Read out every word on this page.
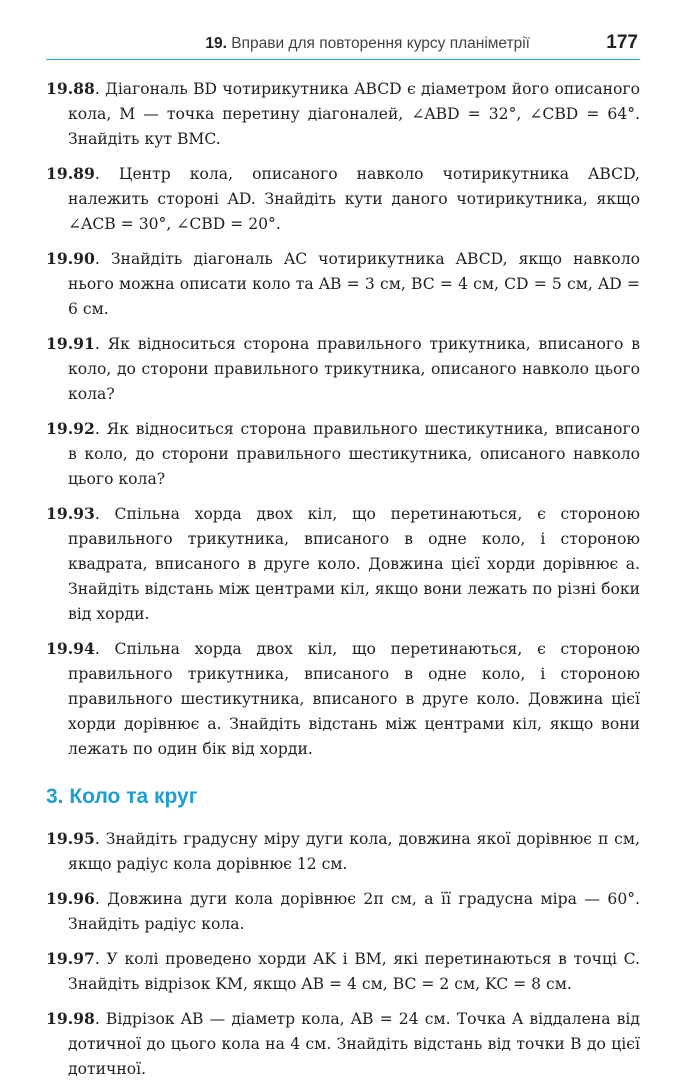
19. Вправи для повторення курсу планіметрії	177
19.88. Діагональ BD чотирикутника ABCD є діаметром його описаного кола, M — точка перетину діагоналей, ∠ABD = 32°, ∠CBD = 64°. Знайдіть кут BMC.
19.89. Центр кола, описаного навколо чотирикутника ABCD, належить стороні AD. Знайдіть кути даного чотирикутника, якщо ∠ACB = 30°, ∠CBD = 20°.
19.90. Знайдіть діагональ AC чотирикутника ABCD, якщо навколо нього можна описати коло та AB = 3 см, BC = 4 см, CD = 5 см, AD = 6 см.
19.91. Як відноситься сторона правильного трикутника, вписаного в коло, до сторони правильного трикутника, описаного навколо цього кола?
19.92. Як відноситься сторона правильного шестикутника, вписаного в коло, до сторони правильного шестикутника, описаного навколо цього кола?
19.93. Спільна хорда двох кіл, що перетинаються, є стороною правильного трикутника, вписаного в одне коло, і стороною квадрата, вписаного в друге коло. Довжина цієї хорди дорівнює a. Знайдіть відстань між центрами кіл, якщо вони лежать по різні боки від хорди.
19.94. Спільна хорда двох кіл, що перетинаються, є стороною правильного трикутника, вписаного в одне коло, і стороною правильного шестикутника, вписаного в друге коло. Довжина цієї хорди дорівнює a. Знайдіть відстань між центрами кіл, якщо вони лежать по один бік від хорди.
3. Коло та круг
19.95. Знайдіть градусну міру дуги кола, довжина якої дорівнює π см, якщо радіус кола дорівнює 12 см.
19.96. Довжина дуги кола дорівнює 2π см, а її градусна міра — 60°. Знайдіть радіус кола.
19.97. У колі проведено хорди AK і BM, які перетинаються в точці C. Знайдіть відрізок KM, якщо AB = 4 см, BC = 2 см, KC = 8 см.
19.98. Відрізок AB — діаметр кола, AB = 24 см. Точка A віддалена від дотичної до цього кола на 4 см. Знайдіть відстань від точки B до цієї дотичної.
